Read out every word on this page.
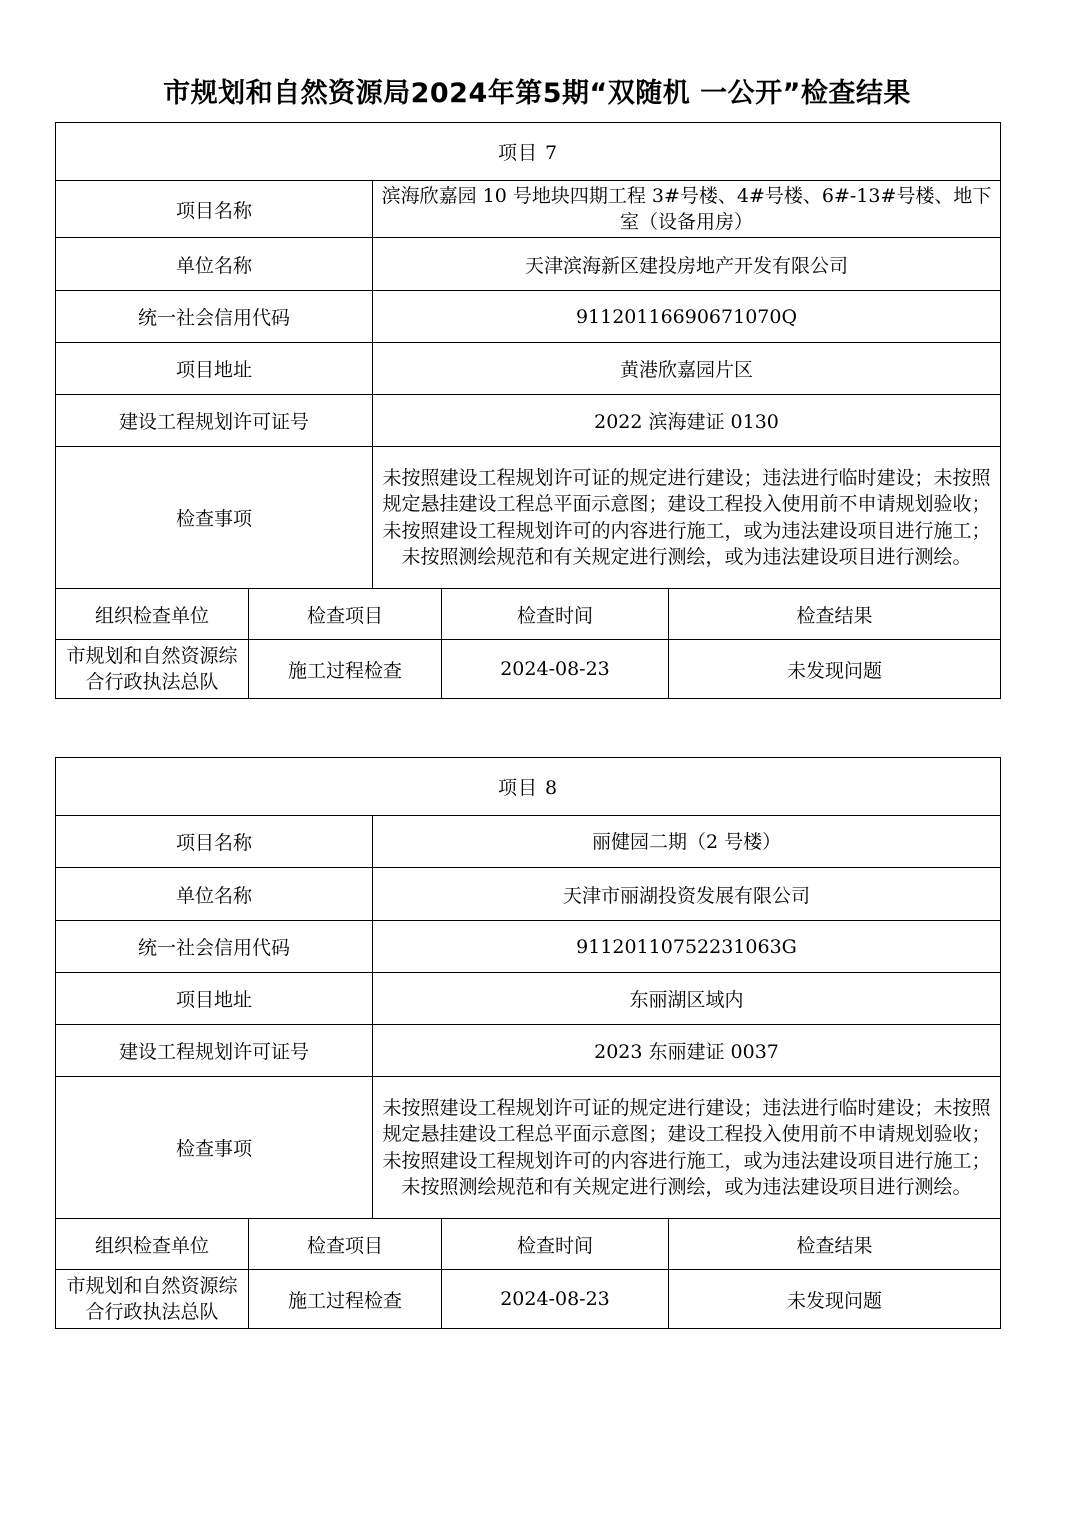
市规划和自然资源局2024年第5期“双随机 一公开”检查结果
项目 7				
项目名称		滨海欣嘉园 10 号地块四期工程 3#号楼、4#号楼、6#-13#号楼、地下室（设备用房）		
单位名称		天津滨海新区建投房地产开发有限公司		
统一社会信用代码		91120116690671070Q		
项目地址		黄港欣嘉园片区		
建设工程规划许可证号		2022 滨海建证 0130		
检查事项		未按照建设工程规划许可证的规定进行建设；违法进行临时建设；未按照规定悬挂建设工程总平面示意图；建设工程投入使用前不申请规划验收；未按照建设工程规划许可的内容进行施工，或为违法建设项目进行施工；未按照测绘规范和有关规定进行测绘，或为违法建设项目进行测绘。		
组织检查单位	检查项目		检查时间	检查结果
市规划和自然资源综合行政执法总队	施工过程检查		2024-08-23	未发现问题
项目 8				
项目名称		丽健园二期（2 号楼）		
单位名称		天津市丽湖投资发展有限公司		
统一社会信用代码		91120110752231063G		
项目地址		东丽湖区域内		
建设工程规划许可证号		2023 东丽建证 0037		
检查事项		未按照建设工程规划许可证的规定进行建设；违法进行临时建设；未按照规定悬挂建设工程总平面示意图；建设工程投入使用前不申请规划验收；未按照建设工程规划许可的内容进行施工，或为违法建设项目进行施工；未按照测绘规范和有关规定进行测绘，或为违法建设项目进行测绘。		
组织检查单位	检查项目		检查时间	检查结果
市规划和自然资源综合行政执法总队	施工过程检查		2024-08-23	未发现问题
